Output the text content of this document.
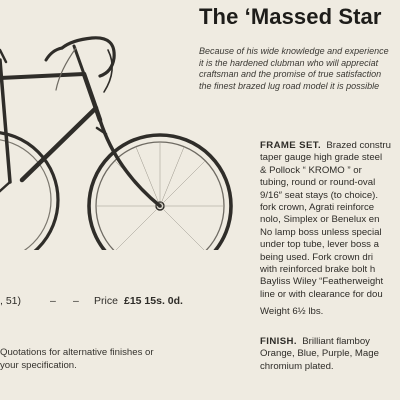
The ‘Massed Star
Because of his wide knowledge and experience
it is the hardened clubman who will appreciat
craftsman and the promise of true satisfaction
the finest brazed lug road model it is possible
, 51)	– – Price £15 15s. 0d.
Quotations for alternative finishes or
your specification.
FRAME SET. Brazed constru
taper gauge high grade steel
& Pollock “ KROMO ” or
tubing, round or round-oval
9/16″ seat stays (to choice).
fork crown, Agrati reinforce
nolo, Simplex or Benelux en
No lamp boss unless special
under top tube, lever boss a
being used. Fork crown dri
with reinforced brake bolt h
Bayliss Wiley “Featherweight
line or with clearance for dou
Weight 6½ lbs.
FINISH. Brilliant flamboy
Orange, Blue, Purple, Mage
chromium plated.
